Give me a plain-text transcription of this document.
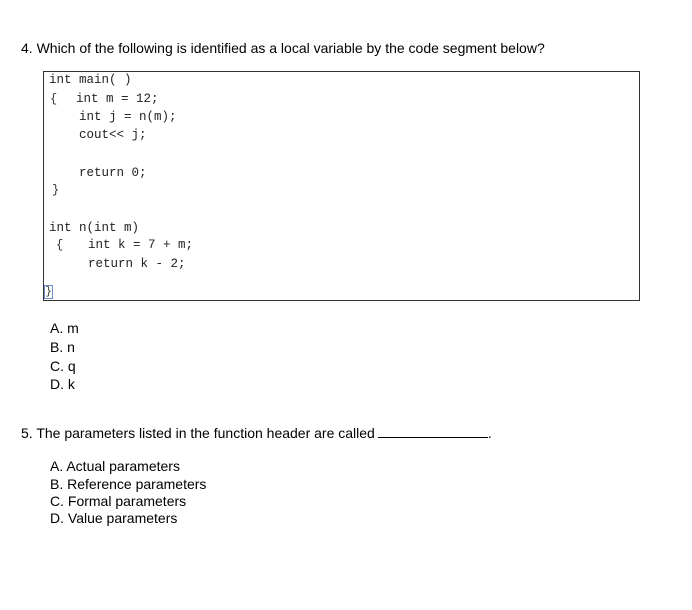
4. Which of the following is identified as a local variable by the code segment below?
int main( )
{ int m = 12;
int j = n(m);
cout<< j;
return 0;
}
int n(int m)
{ int k = 7 + m;
return k - 2;
}
A. m
B. n
C. q
D. k
5. The parameters listed in the function header are called	.
A. Actual parameters
B. Reference parameters
C. Formal parameters
D. Value parameters
